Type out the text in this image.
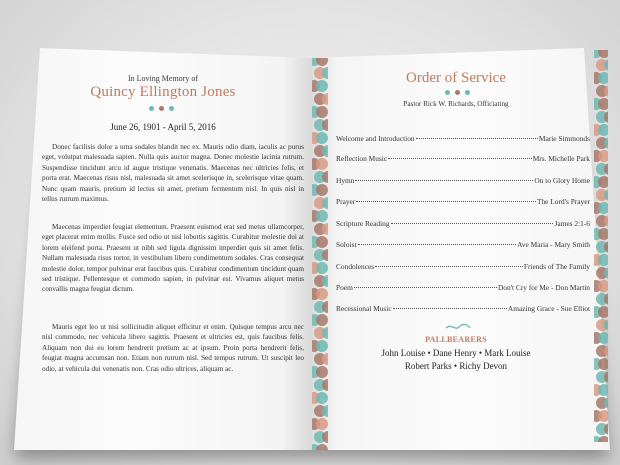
In Loving Memory of
Quincy Ellington Jones
June 26, 1901 - April 5, 2016
Donec facilisis dolor a urna sodales blandit nec ex. Mauris odio diam, iaculis ac purus eget, volutpat malesuada sapien. Nulla quis auctor magna. Donec molestie lacinia rutrum. Suspendisse tincidunt arcu id augue tristique venenatis. Maecenas nec ultricies felis, et porta erat. Maecenas risus nisl, malesuada sit amet scelerisque in, scelerisque vitae quam. Nunc quam mauris, pretium id lectus sit amet, pretium fermentum nisl. In quis nisl in tellus rutrum maximus.
Maecenas imperdiet feugiat elementum. Praesent euismod erat sed metus ullamcorper, eget placerat enim mollis. Fusce sed odio ut nisl lobortis sagittis. Curabitur molestie dui at lorem eleifend porta. Praesent ut nibh sed ligula dignissim imperdiet quis sit amet felis. Nullam malesuada risus tortor, in vestibulum libero condimentum sodales. Cras consequat molestie dolor, tempor pulvinar erat faucibus quis. Curabitur condimentum tincidunt quam sed tristique. Pellentesque et commodo sapien, in pulvinar est. Vivamus aliquet metus convallis magna feugiat dictum.
Mauris eget leo ut nisi sollicitudin aliquet efficitur et enim. Quisque tempus arcu nec nisl commodo, nec vehicula libero sagittis. Praesent et ultricies est, quis faucibus felis. Aliquam non dui eu lorem hendrerit pretium ac at ipsum. Proin porta hendrerit felis, feugiat magna accumsan non. Etiam non rutrum nisl. Sed tempus rutrum. Ut suscipit leo odio, at vehicula dui venenatis non. Cras odio ultrices, aliquam ac.
Order of Service
Pastor Rick W. Richards, Officiating
Welcome and Introduction	Marie Simmonds
Reflection Music	Mrs. Michelle Park
Hymn	On to Glory Home
Prayer	The Lord's Prayer
Scripture Reading	James 2:1-6
Soloist	Ave Maria - Mary Smith
Condolences	Friends of The Family
Poem	Don't Cry for Me - Don Martin
Recessional Music	Amazing Grace - Sue Elliot
PALLBEARERS
John Louise • Dane Henry • Mark Louise
Robert Parks • Richy Devon
